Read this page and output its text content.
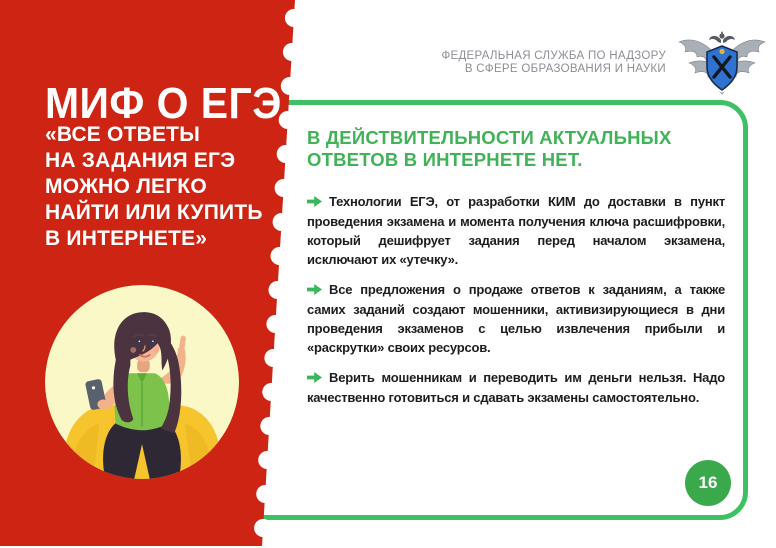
ФЕДЕРАЛЬНАЯ СЛУЖБА ПО НАДЗОРУ
В СФЕРЕ ОБРАЗОВАНИЯ И НАУКИ
В ДЕЙСТВИТЕЛЬНОСТИ АКТУАЛЬНЫХ
ОТВЕТОВ В ИНТЕРНЕТЕ НЕТ.

Технологии ЕГЭ, от разработки КИМ до доставки в пункт проведения экзамена и момента получения ключа расшифровки, который дешифрует задания перед началом экзамена, исключают их «утечку».

Все предложения о продаже ответов к заданиям, а также самих заданий создают мошенники, активизирующиеся в дни проведения экзаменов с целью извлечения прибыли и «раскрутки» своих ресурсов.

Верить мошенникам и переводить им деньги нельзя. Надо качественно готовиться и сдавать экзамены самостоятельно.

МИФ О ЕГЭ
«ВСЕ ОТВЕТЫ
НА ЗАДАНИЯ ЕГЭ
МОЖНО ЛЕГКО
НАЙТИ ИЛИ КУПИТЬ
В ИНТЕРНЕТЕ»
16
